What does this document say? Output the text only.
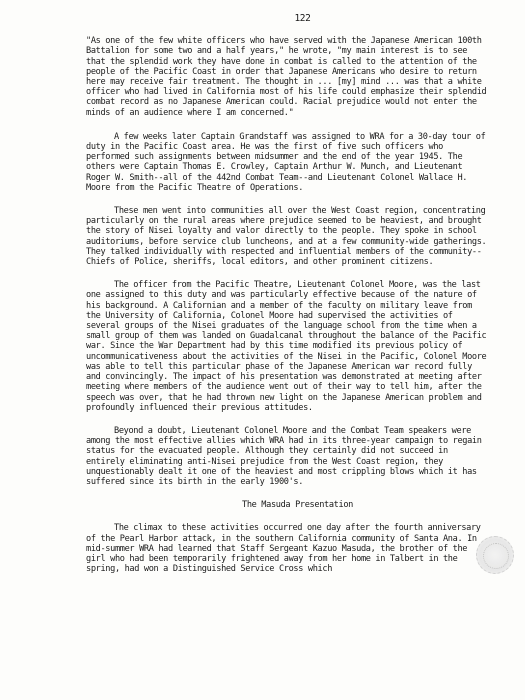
122

"As one of the few white officers who have served with the Japanese American 100th Battalion for some two and a half years," he wrote, "my main interest is to see that the splendid work they have done in combat is called to the attention of the people of the Pacific Coast in order that Japanese Americans who desire to return here may receive fair treatment. The thought in ... [my] mind ... was that a white officer who had lived in California most of his life could emphasize their splendid combat record as no Japanese American could. Racial prejudice would not enter the minds of an audience where I am concerned."

A few weeks later Captain Grandstaff was assigned to WRA for a 30-day tour of duty in the Pacific Coast area. He was the first of five such officers who performed such assignments between midsummer and the end of the year 1945. The others were Captain Thomas E. Crowley, Captain Arthur W. Munch, and Lieutenant Roger W. Smith--all of the 442nd Combat Team--and Lieutenant Colonel Wallace H. Moore from the Pacific Theatre of Operations.

These men went into communities all over the West Coast region, concentrating particularly on the rural areas where prejudice seemed to be heaviest, and brought the story of Nisei loyalty and valor directly to the people. They spoke in school auditoriums, before service club luncheons, and at a few community-wide gatherings. They talked individually with respected and influential members of the community--Chiefs of Police, sheriffs, local editors, and other prominent citizens.

The officer from the Pacific Theatre, Lieutenant Colonel Moore, was the last one assigned to this duty and was particularly effective because of the nature of his background. A Californian and a member of the faculty on military leave from the University of California, Colonel Moore had supervised the activities of several groups of the Nisei graduates of the language school from the time when a small group of them was landed on Guadalcanal throughout the balance of the Pacific war. Since the War Department had by this time modified its previous policy of uncommunicativeness about the activities of the Nisei in the Pacific, Colonel Moore was able to tell this particular phase of the Japanese American war record fully and convincingly. The impact of his presentation was demonstrated at meeting after meeting where members of the audience went out of their way to tell him, after the speech was over, that he had thrown new light on the Japanese American problem and profoundly influenced their previous attitudes.

Beyond a doubt, Lieutenant Colonel Moore and the Combat Team speakers were among the most effective allies which WRA had in its three-year campaign to regain status for the evacuated people. Although they certainly did not succeed in entirely eliminating anti-Nisei prejudice from the West Coast region, they unquestionably dealt it one of the heaviest and most crippling blows which it has suffered since its birth in the early 1900's.

The Masuda Presentation

The climax to these activities occurred one day after the fourth anniversary of the Pearl Harbor attack, in the southern California community of Santa Ana. In mid-summer WRA had learned that Staff Sergeant Kazuo Masuda, the brother of the girl who had been temporarily frightened away from her home in Talbert in the spring, had won a Distinguished Service Cross which
